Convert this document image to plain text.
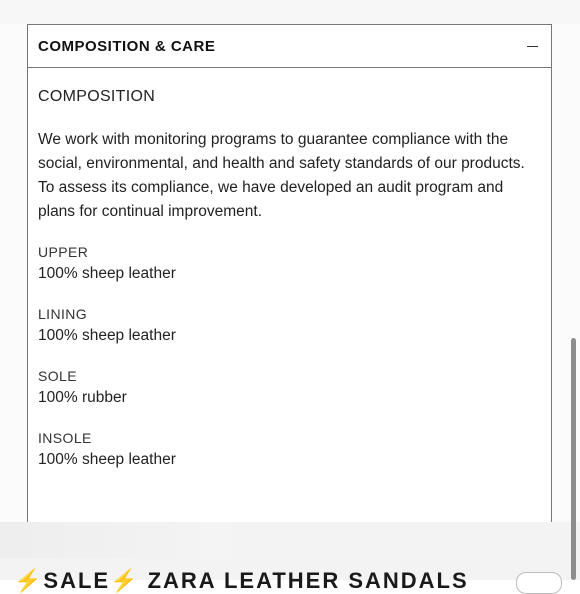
COMPOSITION & CARE
COMPOSITION

We work with monitoring programs to guarantee compliance with the social, environmental, and health and safety standards of our products. To assess its compliance, we have developed an audit program and plans for continual improvement.

UPPER
100% sheep leather
LINING
100% sheep leather
SOLE
100% rubber
INSOLE
100% sheep leather
⚡SALE⚡ ZARA LEATHER SANDALS
